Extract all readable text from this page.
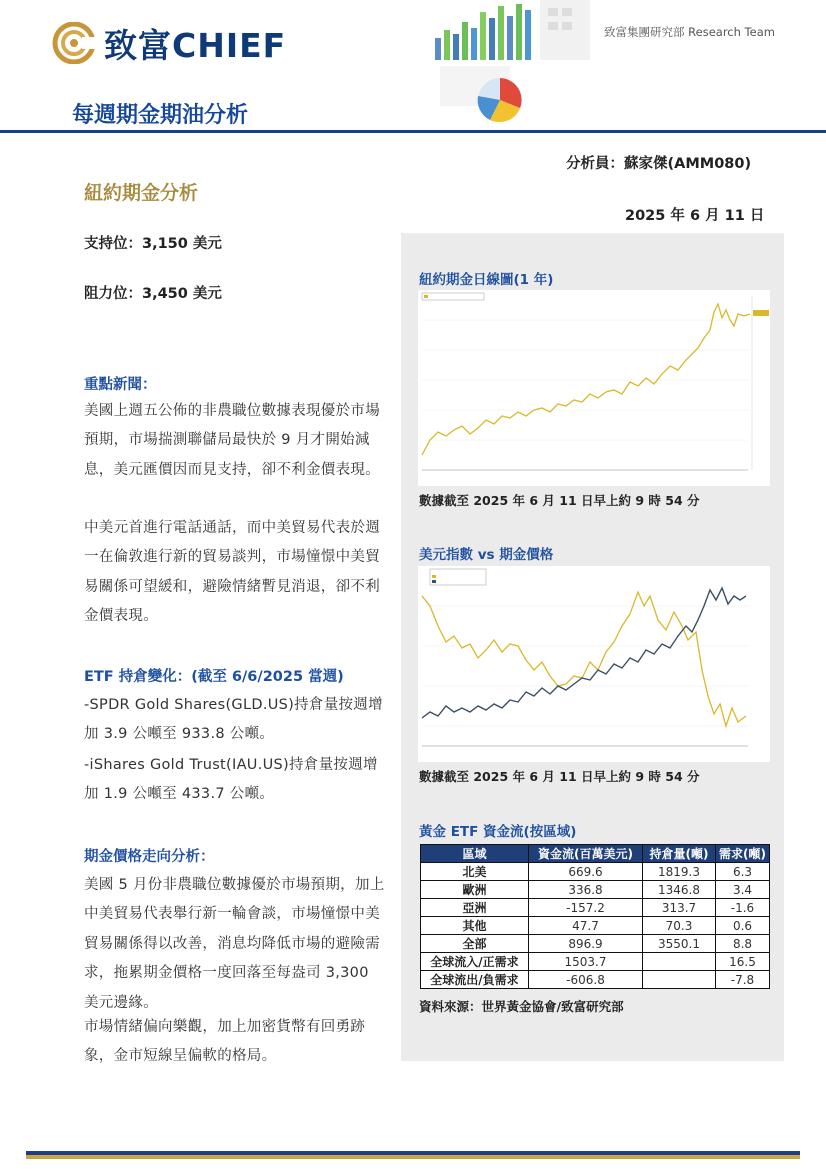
致富CHIEF	致富集團研究部 Research Team
每週期金期油分析
分析員：蘇家傑(AMM080)
2025 年 6 月 11 日
紐約期金分析
支持位：3,150 美元
阻力位：3,450 美元
重點新聞：
美國上週五公佈的非農職位數據表現優於市場預期，市場揣測聯儲局最快於 9 月才開始減息，美元匯價因而見支持，卻不利金價表現。
中美元首進行電話通話，而中美貿易代表於週一在倫敦進行新的貿易談判，市場憧憬中美貿易關係可望緩和，避險情緒暫見消退，卻不利金價表現。
ETF 持倉變化：(截至 6/6/2025 當週)
-SPDR Gold Shares(GLD.US)持倉量按週增加 3.9 公噸至 933.8 公噸。
-iShares Gold Trust(IAU.US)持倉量按週增加 1.9 公噸至 433.7 公噸。
期金價格走向分析：
美國 5 月份非農職位數據優於市場預期，加上中美貿易代表舉行新一輪會談，市場憧憬中美貿易關係得以改善，消息均降低市場的避險需求，拖累期金價格一度回落至每盎司 3,300 美元邊緣。
市場情緒偏向樂觀，加上加密貨幣有回勇跡象，金市短線呈偏軟的格局。
紐約期金日線圖(1 年)
數據截至 2025 年 6 月 11 日早上約 9 時 54 分
美元指數 vs 期金價格
數據截至 2025 年 6 月 11 日早上約 9 時 54 分
黃金 ETF 資金流(按區域)
區域	資金流(百萬美元)	持倉量(噸)	需求(噸)
北美	669.6	1819.3	6.3
歐洲	336.8	1346.8	3.4
亞洲	-157.2	313.7	-1.6
其他	47.7	70.3	0.6
全部	896.9	3550.1	8.8
全球流入/正需求	1503.7		16.5
全球流出/負需求	-606.8		-7.8
資料來源：世界黃金協會/致富研究部
